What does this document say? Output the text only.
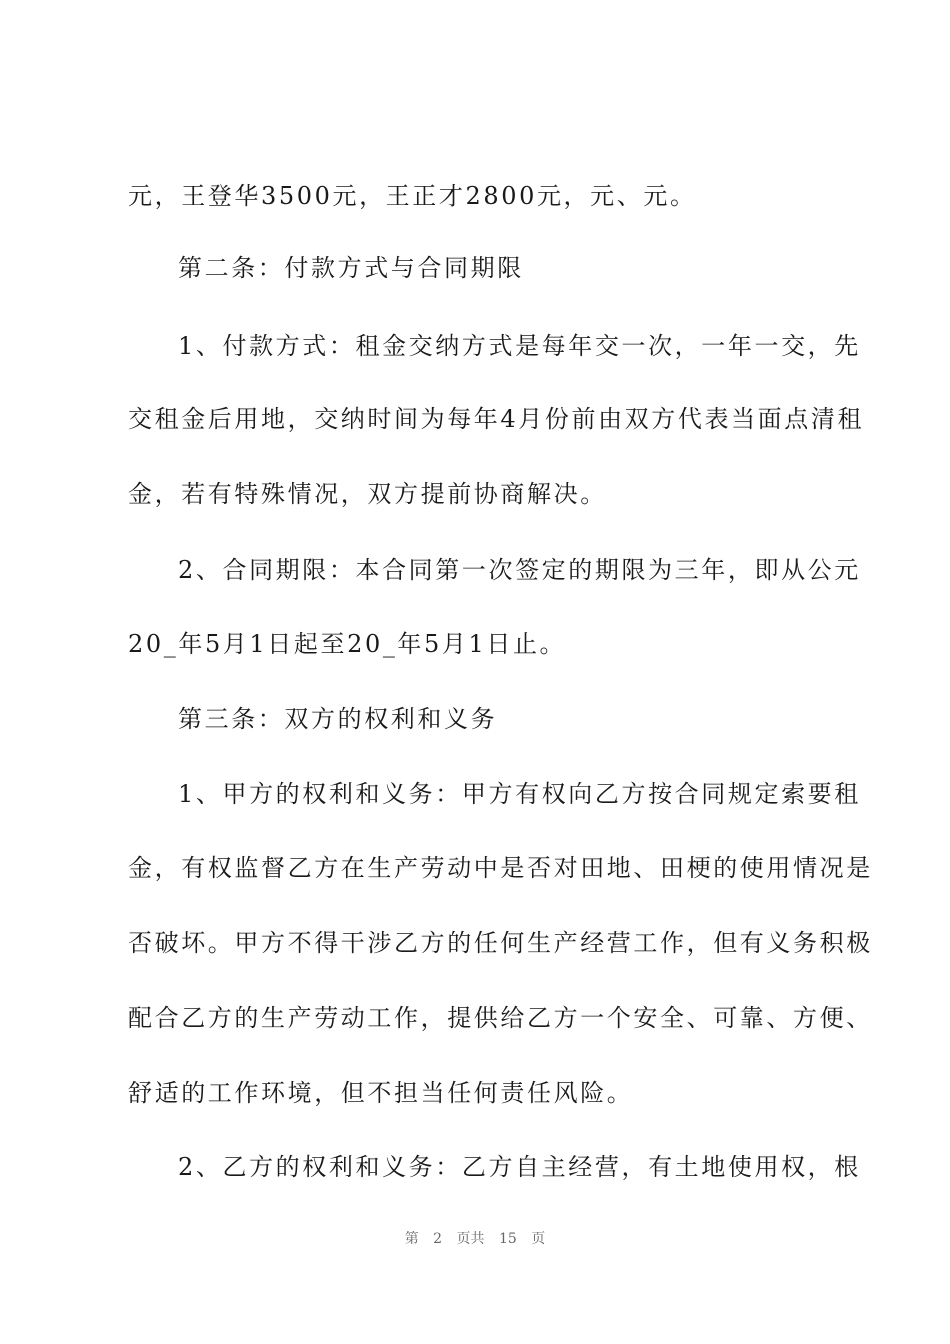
元，王登华3500元，王正才2800元，元、元。
第二条：付款方式与合同期限
1、付款方式：租金交纳方式是每年交一次，一年一交，先
交租金后用地，交纳时间为每年4月份前由双方代表当面点清租
金，若有特殊情况，双方提前协商解决。
2、合同期限：本合同第一次签定的期限为三年，即从公元
20_年5月1日起至20_年5月1日止。
第三条：双方的权利和义务
1、甲方的权利和义务：甲方有权向乙方按合同规定索要租
金，有权监督乙方在生产劳动中是否对田地、田梗的使用情况是
否破坏。甲方不得干涉乙方的任何生产经营工作，但有义务积极
配合乙方的生产劳动工作，提供给乙方一个安全、可靠、方便、
舒适的工作环境，但不担当任何责任风险。
2、乙方的权利和义务：乙方自主经营，有土地使用权，根
第 2 页共 15 页
